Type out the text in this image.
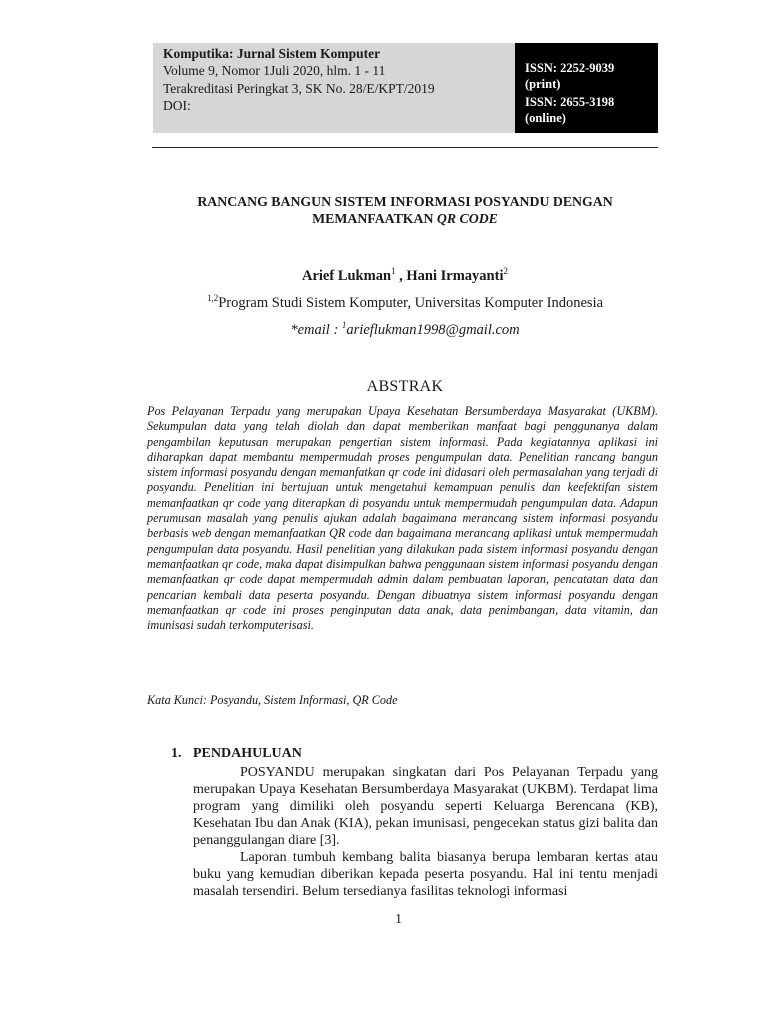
Komputika: Jurnal Sistem Komputer
Volume 9, Nomor 1Juli 2020, hlm. 1 - 11
Terakreditasi Peringkat 3, SK No. 28/E/KPT/2019
DOI:
ISSN: 2252-9039
(print)
ISSN: 2655-3198
(online)
RANCANG BANGUN SISTEM INFORMASI POSYANDU DENGAN
MEMANFAATKAN QR CODE
Arief Lukman$^1$ , Hani Irmayanti$^2$
$^{1,2}$Program Studi Sistem Komputer, Universitas Komputer Indonesia
*email : $^1$arieflukman1998@gmail.com
ABSTRAK
Pos Pelayanan Terpadu yang merupakan Upaya Kesehatan Bersumberdaya Masyarakat (UKBM). Sekumpulan data yang telah diolah dan dapat memberikan manfaat bagi penggunanya dalam pengambilan keputusan merupakan pengertian sistem informasi. Pada kegiatannya aplikasi ini diharapkan dapat membantu mempermudah proses pengumpulan data. Penelitian rancang bangun sistem informasi posyandu dengan memanfatkan qr code ini didasari oleh permasalahan yang terjadi di posyandu. Penelitian ini bertujuan untuk mengetahui kemampuan penulis dan keefektifan sistem memanfaatkan qr code yang diterapkan di posyandu untuk mempermudah pengumpulan data. Adapun perumusan masalah yang penulis ajukan adalah bagaimana merancang sistem informasi posyandu berbasis web dengan memanfaatkan QR code dan bagaimana merancang aplikasi untuk mempermudah pengumpulan data posyandu. Hasil penelitian yang dilakukan pada sistem informasi posyandu dengan memanfaatkan qr code, maka dapat disimpulkan bahwa penggunaan sistem informasi posyandu dengan memanfaatkan qr code dapat mempermudah admin dalam pembuatan laporan, pencatatan data dan pencarian kembali data peserta posyandu. Dengan dibuatnya sistem informasi posyandu dengan memanfaatkan qr code ini proses penginputan data anak, data penimbangan, data vitamin, dan imunisasi sudah terkomputerisasi.
Kata Kunci: Posyandu, Sistem Informasi, QR Code
1. PENDAHULUAN
POSYANDU merupakan singkatan dari Pos Pelayanan Terpadu yang merupakan Upaya Kesehatan Bersumberdaya Masyarakat (UKBM). Terdapat lima program yang dimiliki oleh posyandu seperti Keluarga Berencana (KB), Kesehatan Ibu dan Anak (KIA), pekan imunisasi, pengecekan status gizi balita dan penanggulangan diare [3].
Laporan tumbuh kembang balita biasanya berupa lembaran kertas atau buku yang kemudian diberikan kepada peserta posyandu. Hal ini tentu menjadi masalah tersendiri. Belum tersedianya fasilitas teknologi informasi
1
